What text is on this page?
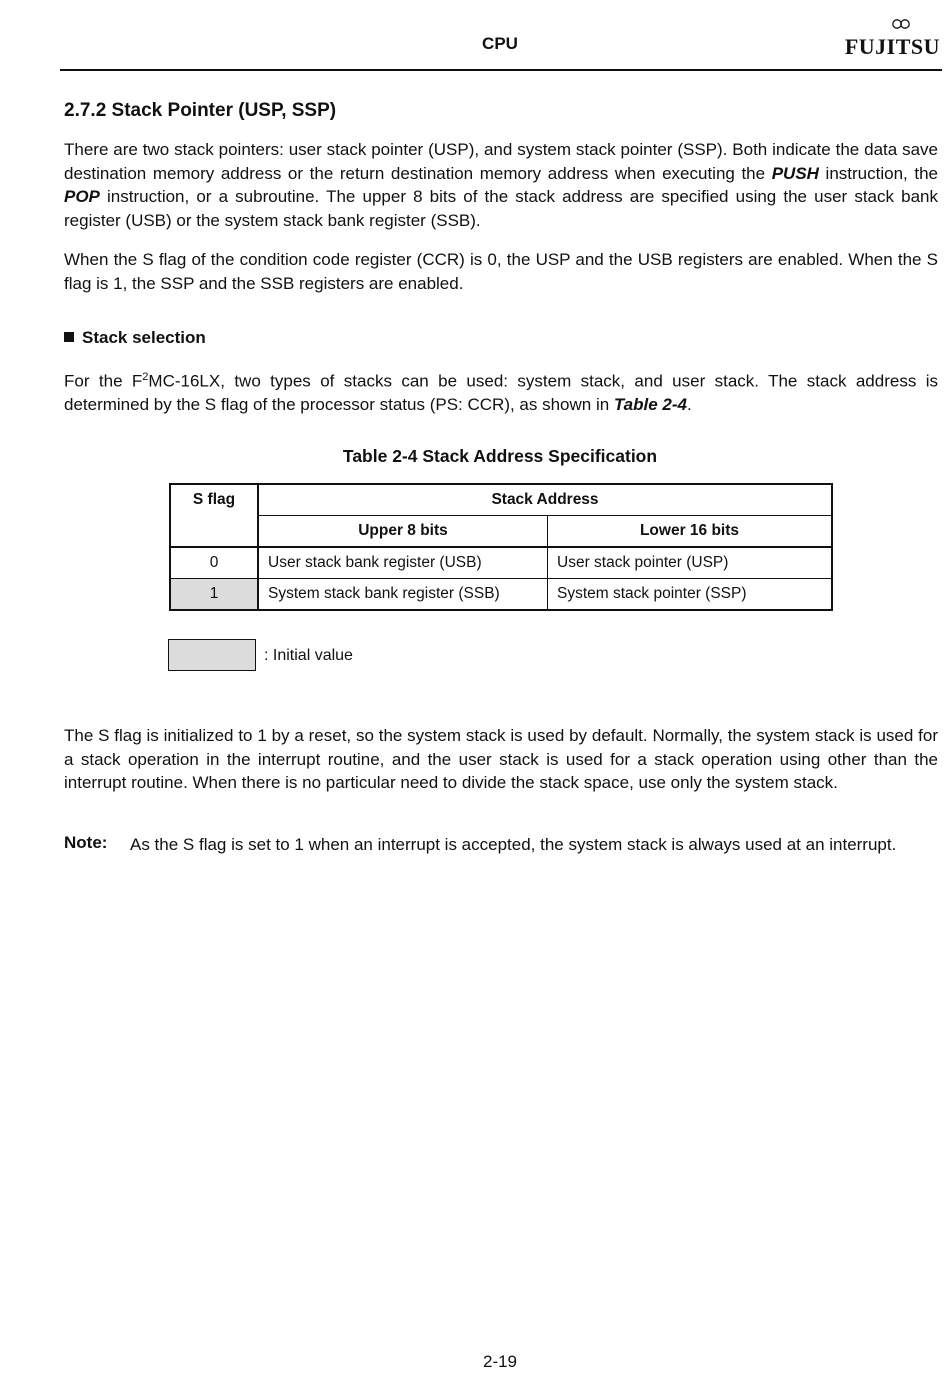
CPU	FUJITSU
2.7.2 Stack Pointer (USP, SSP)

There are two stack pointers: user stack pointer (USP), and system stack pointer (SSP). Both indicate the data save destination memory address or the return destination memory address when executing the PUSH instruction, the POP instruction, or a subroutine. The upper 8 bits of the stack address are specified using the user stack bank register (USB) or the system stack bank register (SSB).

When the S flag of the condition code register (CCR) is 0, the USP and the USB registers are enabled. When the S flag is 1, the SSP and the SSB registers are enabled.

Stack selection

For the $F^2MC-16LX$, two types of stacks can be used: system stack, and user stack. The stack address is determined by the S flag of the processor status (PS: CCR), as shown in Table 2-4.

Table 2-4 Stack Address Specification
S flag	Stack Address	
	Upper 8 bits	Lower 16 bits
0	User stack bank register (USB)	User stack pointer (USP)
1	System stack bank register (SSB)	System stack pointer (SSP)
: Initial value

The S flag is initialized to 1 by a reset, so the system stack is used by default. Normally, the system stack is used for a stack operation in the interrupt routine, and the user stack is used for a stack operation using other than the interrupt routine. When there is no particular need to divide the stack space, use only the system stack.

Note: As the S flag is set to 1 when an interrupt is accepted, the system stack is always used at an interrupt.

2-19
